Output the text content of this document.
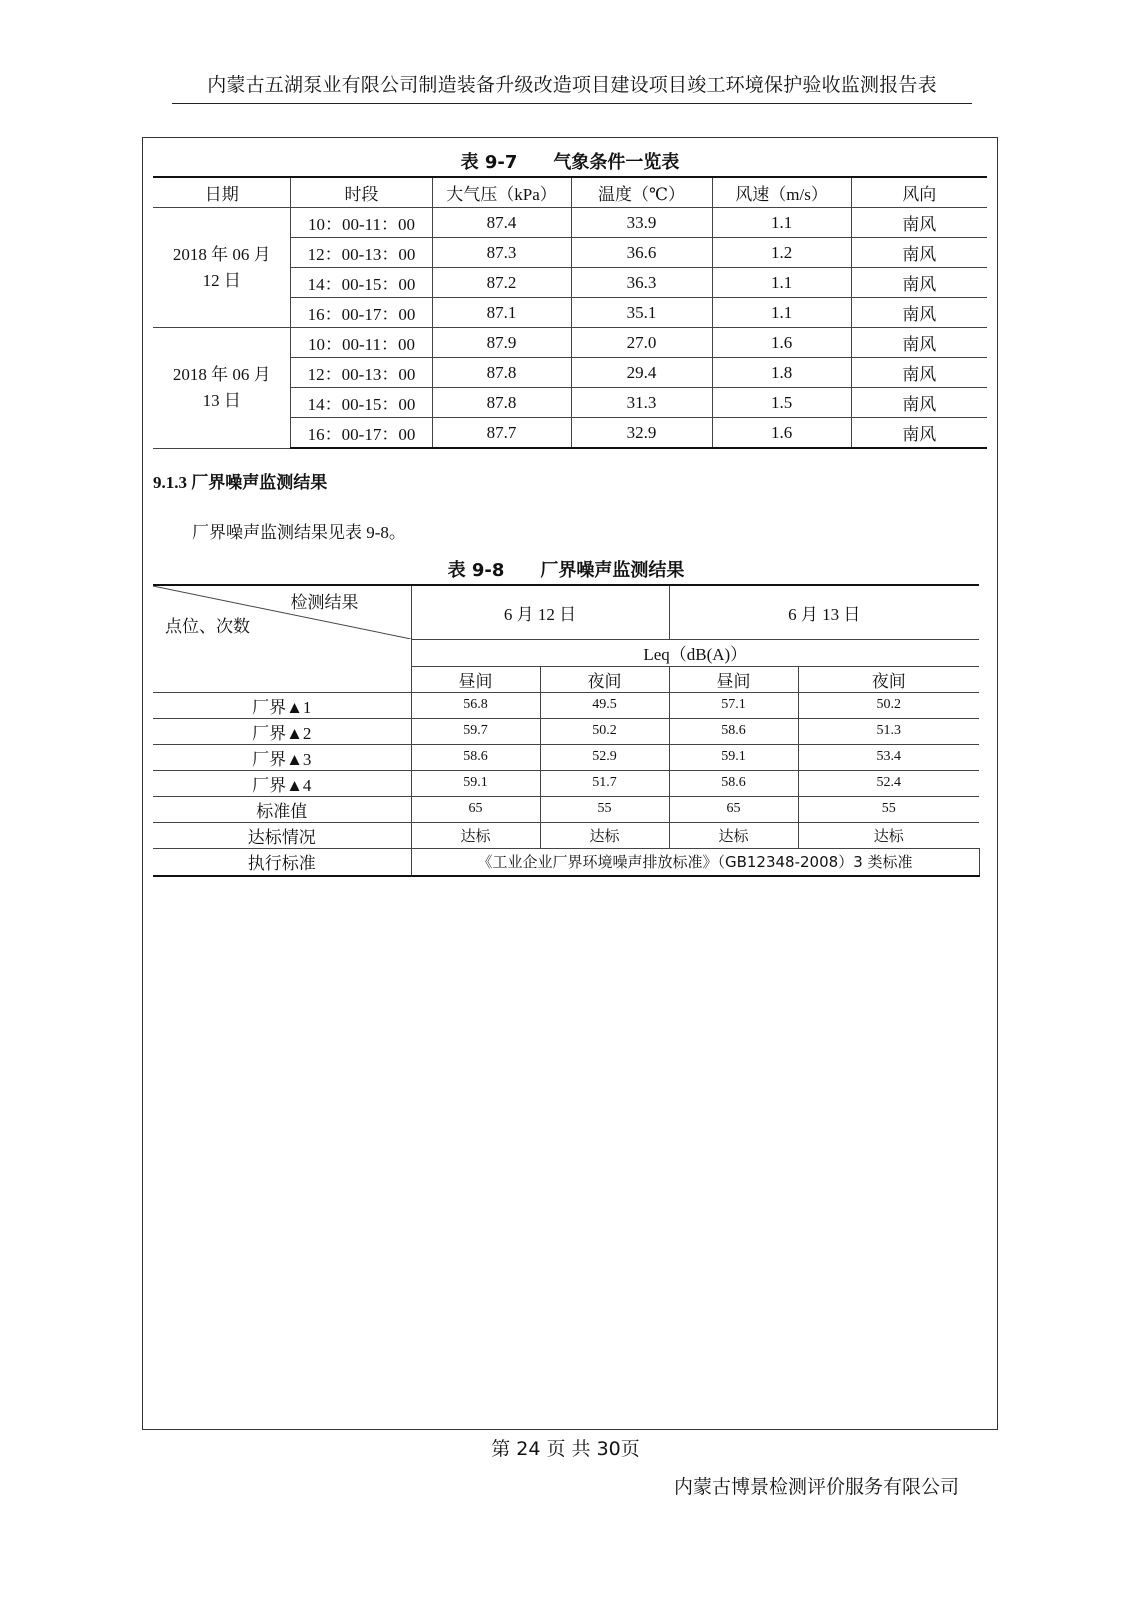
内蒙古五湖泵业有限公司制造装备升级改造项目建设项目竣工环境保护验收监测报告表
表 9-7　　气象条件一览表
日期	时段	大气压（kPa）	温度（℃）	风速（m/s）	风向
2018 年 06 月 12 日	10：00-11：00	87.4	33.9	1.1	南风
	12：00-13：00	87.3	36.6	1.2	南风
	14：00-15：00	87.2	36.3	1.1	南风
	16：00-17：00	87.1	35.1	1.1	南风
2018 年 06 月 13 日	10：00-11：00	87.9	27.0	1.6	南风
	12：00-13：00	87.8	29.4	1.8	南风
	14：00-15：00	87.8	31.3	1.5	南风
	16：00-17：00	87.7	32.9	1.6	南风
9.1.3 厂界噪声监测结果
厂界噪声监测结果见表 9-8。
表 9-8　　厂界噪声监测结果
检测结果
点位、次数	6 月 12 日		6 月 13 日	
	Leq（dB(A)）			
	昼间	夜间	昼间	夜间
厂界▲1	56.8	49.5	57.1	50.2
厂界▲2	59.7	50.2	58.6	51.3
厂界▲3	58.6	52.9	59.1	53.4
厂界▲4	59.1	51.7	58.6	52.4
标准值	65	55	65	55
达标情况	达标	达标	达标	达标
执行标准	《工业企业厂界环境噪声排放标准》（GB12348-2008）3 类标准			
第 24 页 共 30页
内蒙古博景检测评价服务有限公司
